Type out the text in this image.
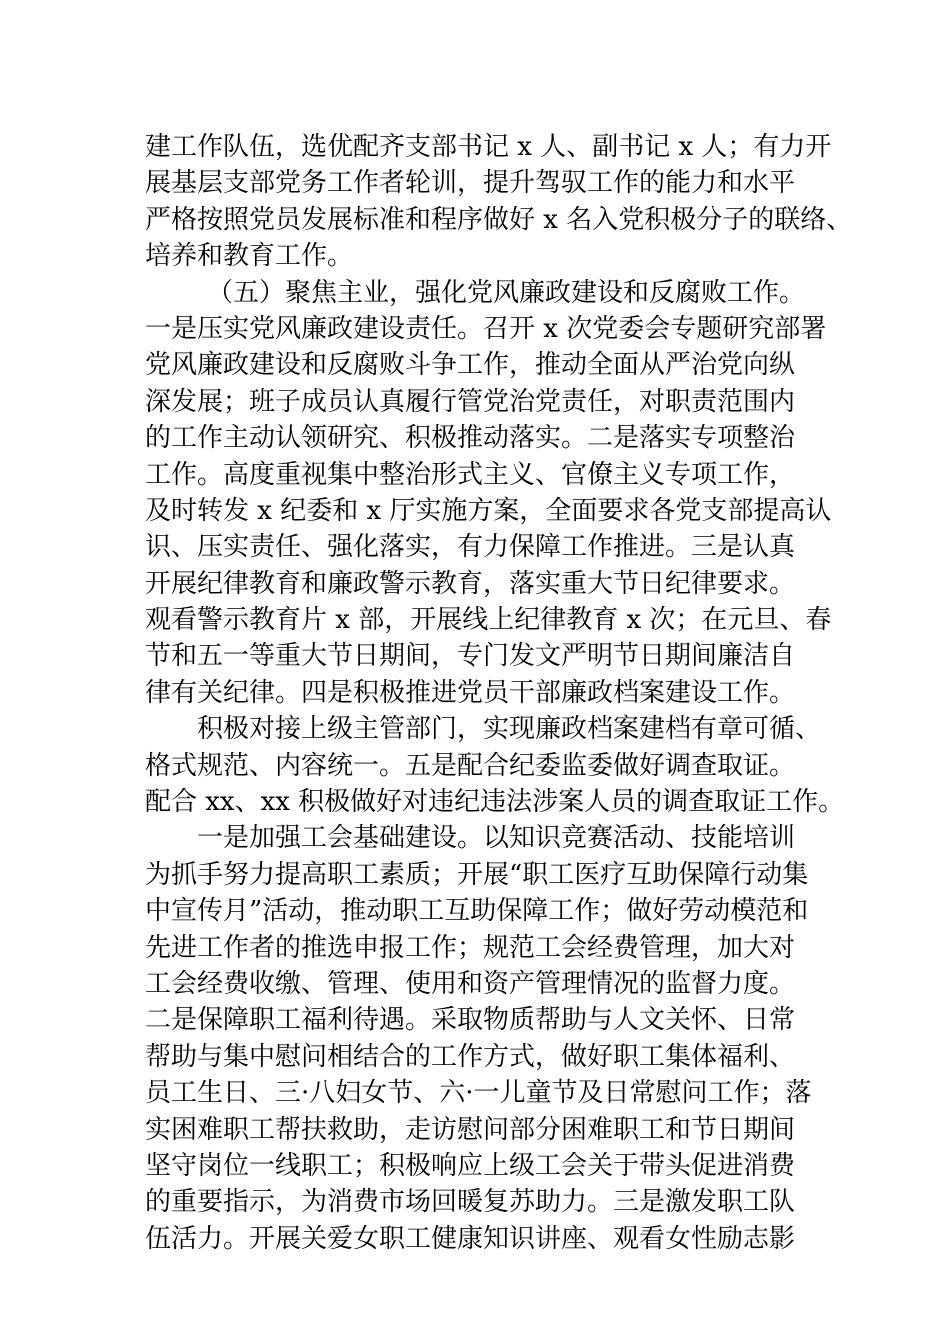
建工作队伍，选优配齐支部书记 x 人、副书记 x 人；有力开
展基层支部党务工作者轮训，提升驾驭工作的能力和水平
严格按照党员发展标准和程序做好 x 名入党积极分子的联络、
培养和教育工作。
（五）聚焦主业，强化党风廉政建设和反腐败工作。
一是压实党风廉政建设责任。召开 x 次党委会专题研究部署
党风廉政建设和反腐败斗争工作，推动全面从严治党向纵
深发展；班子成员认真履行管党治党责任，对职责范围内
的工作主动认领研究、积极推动落实。二是落实专项整治
工作。高度重视集中整治形式主义、官僚主义专项工作，
及时转发 x 纪委和 x 厅实施方案，全面要求各党支部提高认
识、压实责任、强化落实，有力保障工作推进。三是认真
开展纪律教育和廉政警示教育，落实重大节日纪律要求。
观看警示教育片 x 部，开展线上纪律教育 x 次；在元旦、春
节和五一等重大节日期间，专门发文严明节日期间廉洁自
律有关纪律。四是积极推进党员干部廉政档案建设工作。
积极对接上级主管部门，实现廉政档案建档有章可循、
格式规范、内容统一。五是配合纪委监委做好调查取证。
配合 xx、xx 积极做好对违纪违法涉案人员的调查取证工作。
一是加强工会基础建设。以知识竞赛活动、技能培训
为抓手努力提高职工素质；开展“职工医疗互助保障行动集
中宣传月”活动，推动职工互助保障工作；做好劳动模范和
先进工作者的推选申报工作；规范工会经费管理，加大对
工会经费收缴、管理、使用和资产管理情况的监督力度。
二是保障职工福利待遇。采取物质帮助与人文关怀、日常
帮助与集中慰问相结合的工作方式，做好职工集体福利、
员工生日、三·八妇女节、六·一儿童节及日常慰问工作；落
实困难职工帮扶救助，走访慰问部分困难职工和节日期间
坚守岗位一线职工；积极响应上级工会关于带头促进消费
的重要指示，为消费市场回暖复苏助力。三是激发职工队
伍活力。开展关爱女职工健康知识讲座、观看女性励志影
